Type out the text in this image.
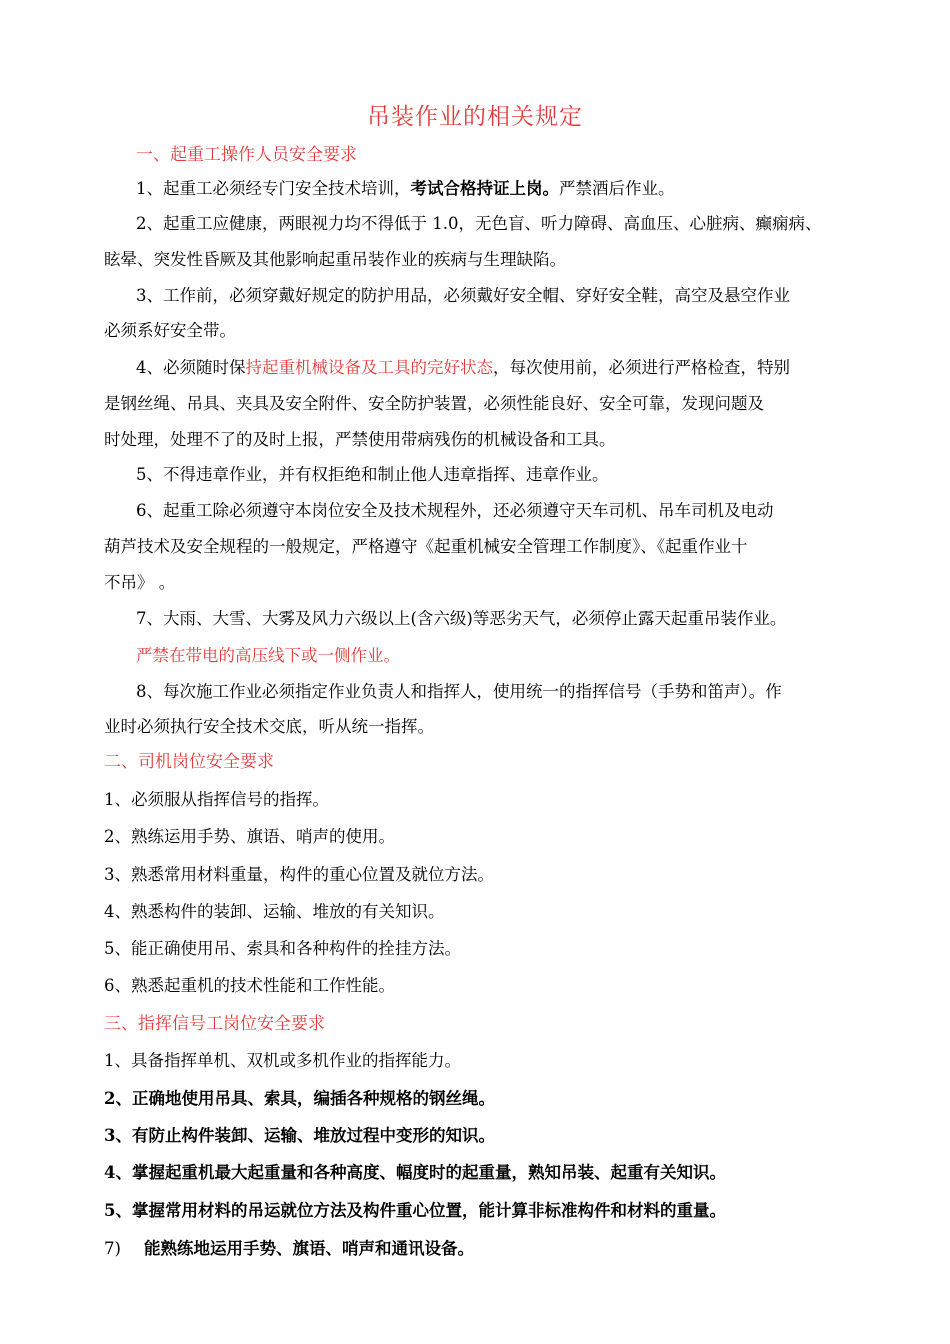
吊装作业的相关规定
一、起重工操作人员安全要求
1、起重工必须经专门安全技术培训，考试合格持证上岗。严禁酒后作业。
2、起重工应健康，两眼视力均不得低于 1.0，无色盲、听力障碍、高血压、心脏病、癫痫病、
眩晕、突发性昏厥及其他影响起重吊装作业的疾病与生理缺陷。
3、工作前，必须穿戴好规定的防护用品，必须戴好安全帽、穿好安全鞋，高空及悬空作业
必须系好安全带。
4、必须随时保持起重机械设备及工具的完好状态，每次使用前，必须进行严格检查，特别
是钢丝绳、吊具、夹具及安全附件、安全防护装置，必须性能良好、安全可靠，发现问题及
时处理，处理不了的及时上报，严禁使用带病残伤的机械设备和工具。
5、不得违章作业，并有权拒绝和制止他人违章指挥、违章作业。
6、起重工除必须遵守本岗位安全及技术规程外，还必须遵守天车司机、吊车司机及电动
葫芦技术及安全规程的一般规定，严格遵守《起重机械安全管理工作制度》、《起重作业十
不吊》 。
7、大雨、大雪、大雾及风力六级以上(含六级)等恶劣天气，必须停止露天起重吊装作业。
严禁在带电的高压线下或一侧作业。
8、每次施工作业必须指定作业负责人和指挥人，使用统一的指挥信号（手势和笛声）。作
业时必须执行安全技术交底，听从统一指挥。
二、司机岗位安全要求
1、必须服从指挥信号的指挥。
2、熟练运用手势、旗语、哨声的使用。
3、熟悉常用材料重量，构件的重心位置及就位方法。
4、熟悉构件的装卸、运输、堆放的有关知识。
5、能正确使用吊、索具和各种构件的拴挂方法。
6、熟悉起重机的技术性能和工作性能。
三、指挥信号工岗位安全要求
1、具备指挥单机、双机或多机作业的指挥能力。
2、正确地使用吊具、索具，编插各种规格的钢丝绳。
3、有防止构件装卸、运输、堆放过程中变形的知识。
4、掌握起重机最大起重量和各种高度、幅度时的起重量，熟知吊装、起重有关知识。
5、掌握常用材料的吊运就位方法及构件重心位置，能计算非标准构件和材料的重量。
7) 能熟练地运用手势、旗语、哨声和通讯设备。
